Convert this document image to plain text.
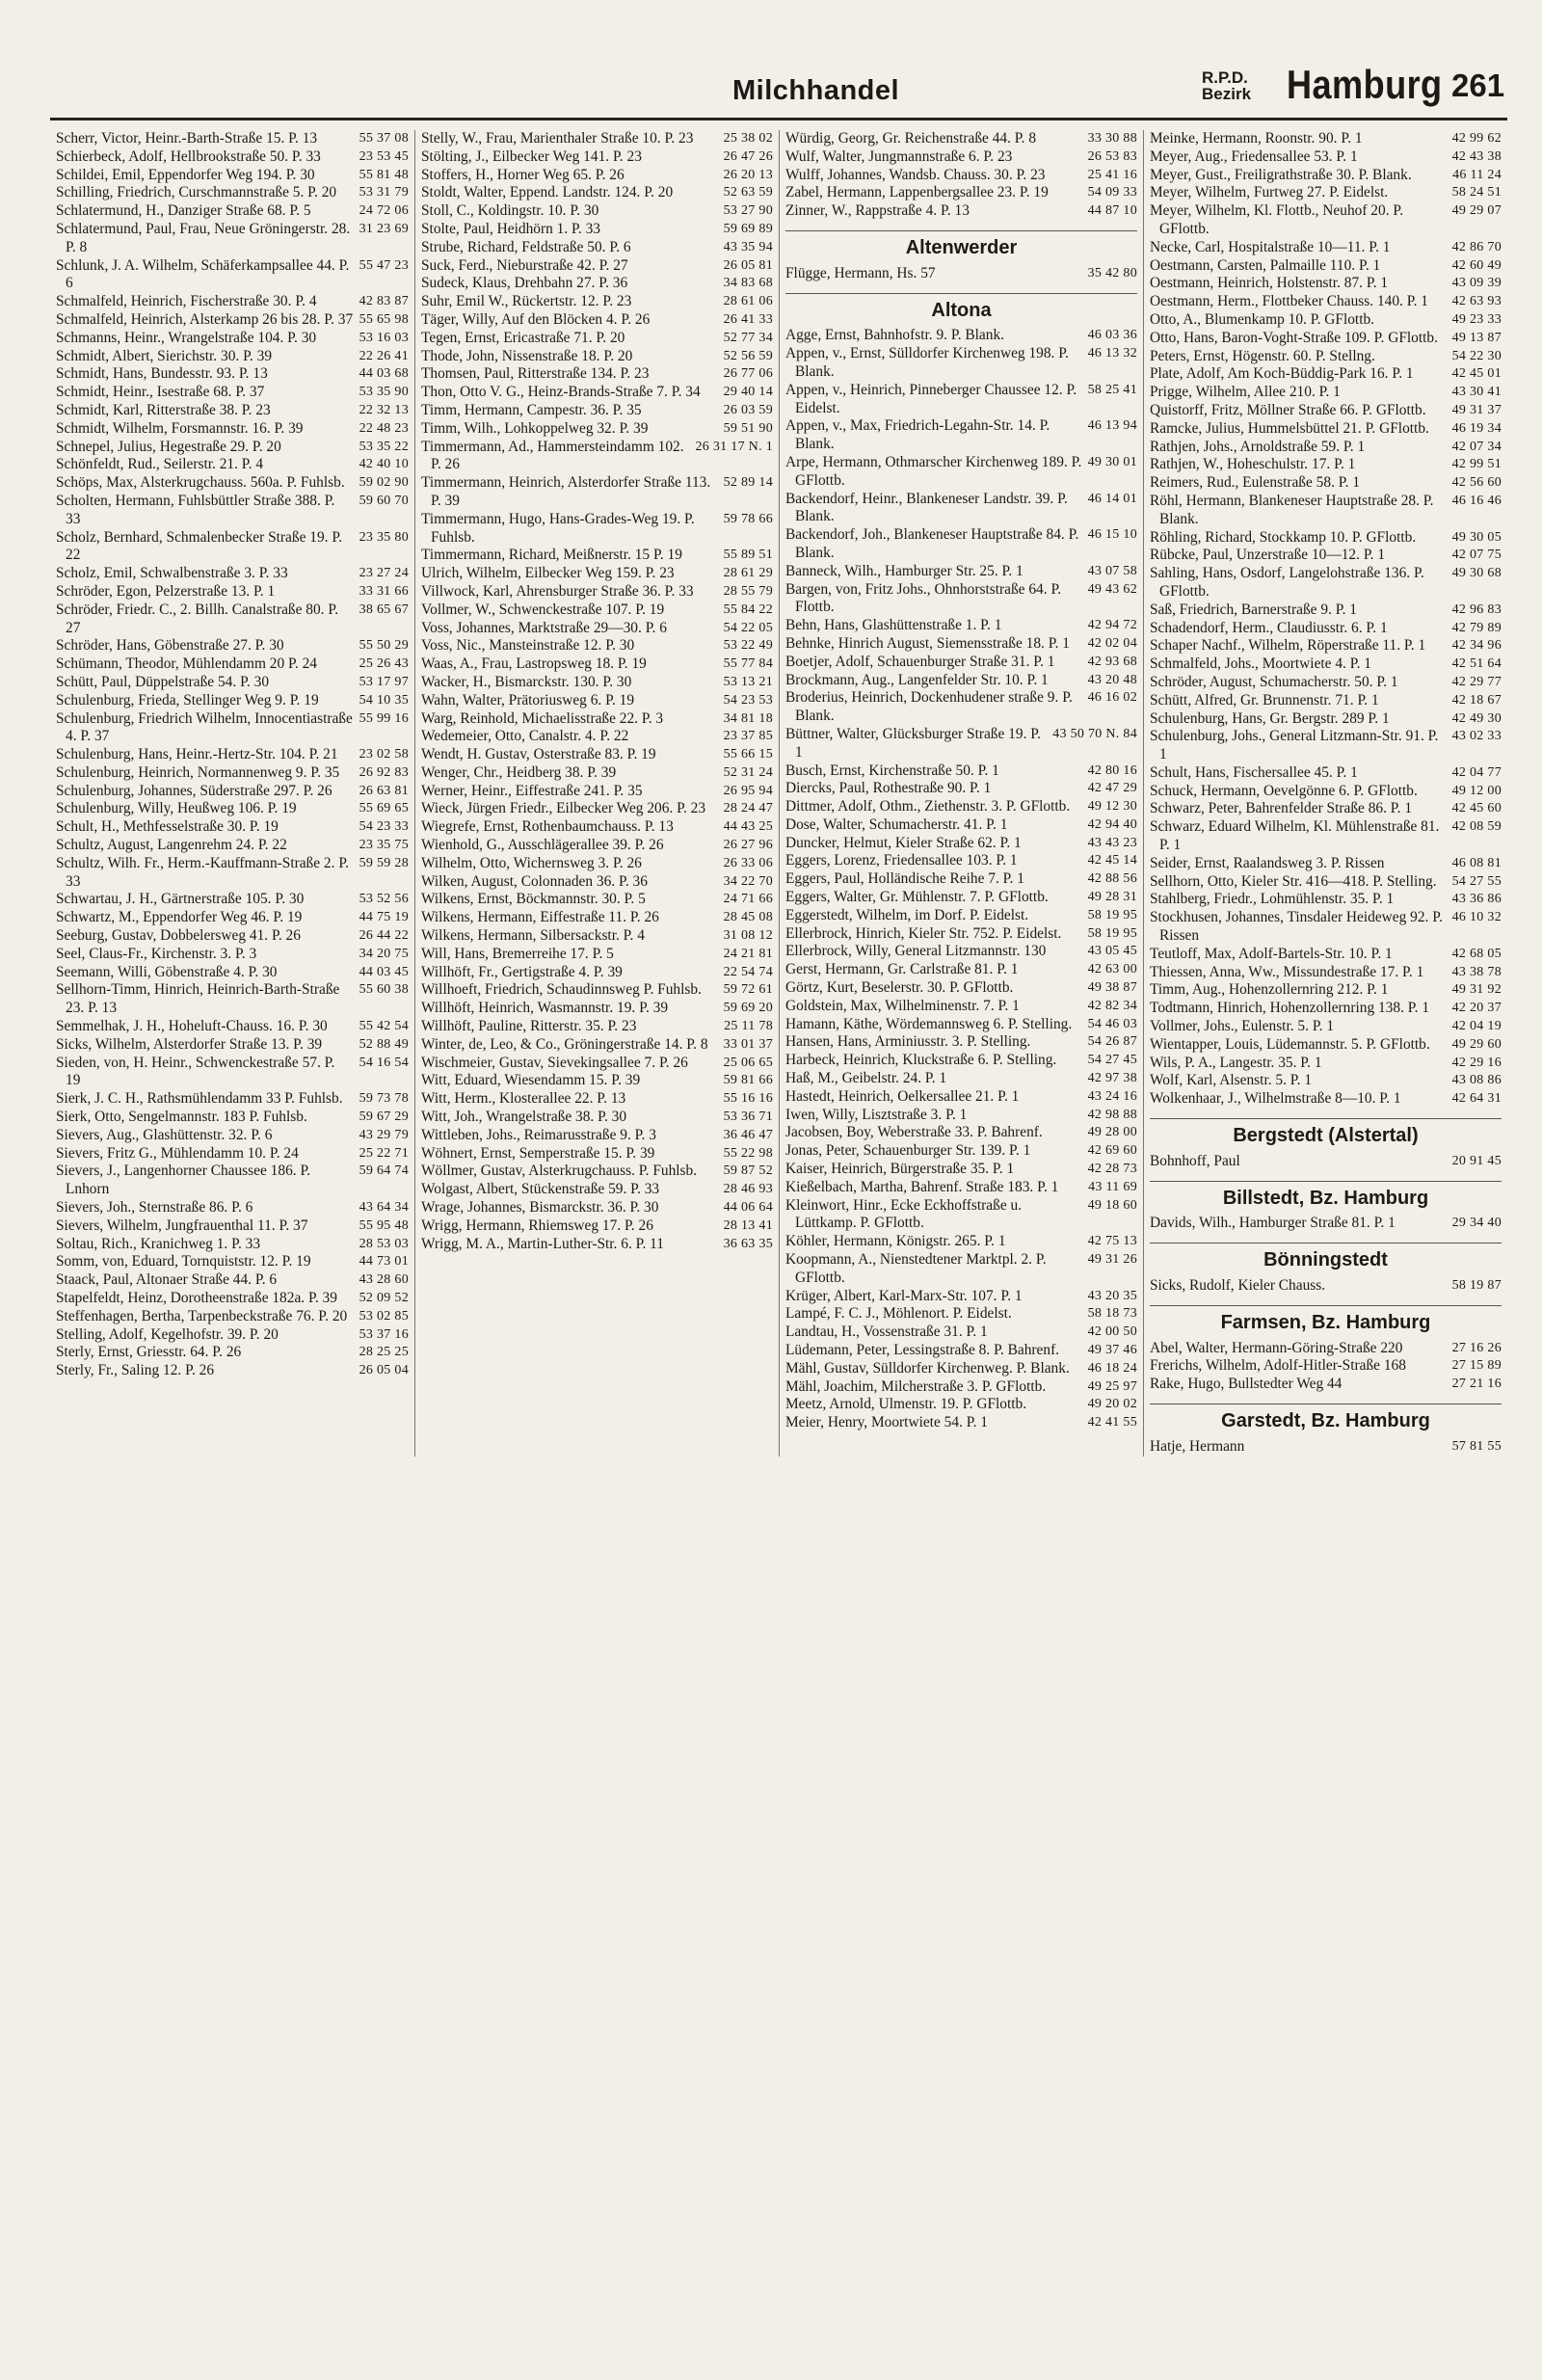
Milchhandel	R.P.D.
Bezirk Hamburg 261
55 37 08
Scherr, Victor, Heinr.-Barth-Straße 15. P. 13
23 53 45
Schierbeck, Adolf, Hellbrookstraße 50. P. 33
55 81 48
Schildei, Emil, Eppendorfer Weg 194. P. 30
53 31 79
Schilling, Friedrich, Curschmannstraße 5. P. 20
24 72 06
Schlatermund, H., Danziger Straße 68. P. 5
31 23 69
Schlatermund, Paul, Frau, Neue Gröningerstr. 28. P. 8
55 47 23
Schlunk, J. A. Wilhelm, Schäferkampsallee 44. P. 6
42 83 87
Schmalfeld, Heinrich, Fischerstraße 30. P. 4
55 65 98
Schmalfeld, Heinrich, Alsterkamp 26 bis 28. P. 37
53 16 03
Schmanns, Heinr., Wrangelstraße 104. P. 30
22 26 41
Schmidt, Albert, Sierichstr. 30. P. 39
44 03 68
Schmidt, Hans, Bundesstr. 93. P. 13
53 35 90
Schmidt, Heinr., Isestraße 68. P. 37
22 32 13
Schmidt, Karl, Ritterstraße 38. P. 23
22 48 23
Schmidt, Wilhelm, Forsmannstr. 16. P. 39
53 35 22
Schnepel, Julius, Hegestraße 29. P. 20
42 40 10
Schönfeldt, Rud., Seilerstr. 21. P. 4
59 02 90
Schöps, Max, Alsterkrugchauss. 560a. P. Fuhlsb.
59 60 70
Scholten, Hermann, Fuhlsbüttler Straße 388. P. 33
23 35 80
Scholz, Bernhard, Schmalenbecker Straße 19. P. 22
23 27 24
Scholz, Emil, Schwalbenstraße 3. P. 33
33 31 66
Schröder, Egon, Pelzerstraße 13. P. 1
38 65 67
Schröder, Friedr. C., 2. Billh. Canalstraße 80. P. 27
55 50 29
Schröder, Hans, Göbenstraße 27. P. 30
25 26 43
Schümann, Theodor, Mühlendamm 20 P. 24
53 17 97
Schütt, Paul, Düppelstraße 54. P. 30
54 10 35
Schulenburg, Frieda, Stellinger Weg 9. P. 19
55 99 16
Schulenburg, Friedrich Wilhelm, Innocentiastraße 4. P. 37
23 02 58
Schulenburg, Hans, Heinr.-Hertz-Str. 104. P. 21
26 92 83
Schulenburg, Heinrich, Normannenweg 9. P. 35
26 63 81
Schulenburg, Johannes, Süderstraße 297. P. 26
55 69 65
Schulenburg, Willy, Heußweg 106. P. 19
54 23 33
Schult, H., Methfesselstraße 30. P. 19
23 35 75
Schultz, August, Langenrehm 24. P. 22
59 59 28
Schultz, Wilh. Fr., Herm.-Kauffmann-Straße 2. P. 33
53 52 56
Schwartau, J. H., Gärtnerstraße 105. P. 30
44 75 19
Schwartz, M., Eppendorfer Weg 46. P. 19
26 44 22
Seeburg, Gustav, Dobbelersweg 41. P. 26
34 20 75
Seel, Claus-Fr., Kirchenstr. 3. P. 3
44 03 45
Seemann, Willi, Göbenstraße 4. P. 30
55 60 38
Sellhorn-Timm, Hinrich, Heinrich-Barth-Straße 23. P. 13
55 42 54
Semmelhak, J. H., Hoheluft-Chauss. 16. P. 30
52 88 49
Sicks, Wilhelm, Alsterdorfer Straße 13. P. 39
54 16 54
Sieden, von, H. Heinr., Schwenckestraße 57. P. 19
59 73 78
Sierk, J. C. H., Rathsmühlendamm 33 P. Fuhlsb.
59 67 29
Sierk, Otto, Sengelmannstr. 183 P. Fuhlsb.
43 29 79
Sievers, Aug., Glashüttenstr. 32. P. 6
25 22 71
Sievers, Fritz G., Mühlendamm 10. P. 24
59 64 74
Sievers, J., Langenhorner Chaussee 186. P. Lnhorn
43 64 34
Sievers, Joh., Sternstraße 86. P. 6
55 95 48
Sievers, Wilhelm, Jungfrauenthal 11. P. 37
28 53 03
Soltau, Rich., Kranichweg 1. P. 33
44 73 01
Somm, von, Eduard, Tornquiststr. 12. P. 19
43 28 60
Staack, Paul, Altonaer Straße 44. P. 6
52 09 52
Stapelfeldt, Heinz, Dorotheenstraße 182a. P. 39
53 02 85
Steffenhagen, Bertha, Tarpenbeckstraße 76. P. 20
53 37 16
Stelling, Adolf, Kegelhofstr. 39. P. 20
28 25 25
Sterly, Ernst, Griesstr. 64. P. 26
26 05 04
Sterly, Fr., Saling 12. P. 26
25 38 02
Stelly, W., Frau, Marienthaler Straße 10. P. 23
26 47 26
Stölting, J., Eilbecker Weg 141. P. 23
26 20 13
Stoffers, H., Horner Weg 65. P. 26
52 63 59
Stoldt, Walter, Eppend. Landstr. 124. P. 20
53 27 90
Stoll, C., Koldingstr. 10. P. 30
59 69 89
Stolte, Paul, Heidhörn 1. P. 33
43 35 94
Strube, Richard, Feldstraße 50. P. 6
26 05 81
Suck, Ferd., Nieburstraße 42. P. 27
34 83 68
Sudeck, Klaus, Drehbahn 27. P. 36
28 61 06
Suhr, Emil W., Rückertstr. 12. P. 23
26 41 33
Täger, Willy, Auf den Blöcken 4. P. 26
52 77 34
Tegen, Ernst, Ericastraße 71. P. 20
52 56 59
Thode, John, Nissenstraße 18. P. 20
26 77 06
Thomsen, Paul, Ritterstraße 134. P. 23
29 40 14
Thon, Otto V. G., Heinz-Brands-Straße 7. P. 34
26 03 59
Timm, Hermann, Campestr. 36. P. 35
59 51 90
Timm, Wilh., Lohkoppelweg 32. P. 39
26 31 17 N. 1
Timmermann, Ad., Hammersteindamm 102. P. 26
52 89 14
Timmermann, Heinrich, Alsterdorfer Straße 113. P. 39
59 78 66
Timmermann, Hugo, Hans-Grades-Weg 19. P. Fuhlsb.
55 89 51
Timmermann, Richard, Meißnerstr. 15 P. 19
28 61 29
Ulrich, Wilhelm, Eilbecker Weg 159. P. 23
28 55 79
Villwock, Karl, Ahrensburger Straße 36. P. 33
55 84 22
Vollmer, W., Schwenckestraße 107. P. 19
54 22 05
Voss, Johannes, Marktstraße 29—30. P. 6
53 22 49
Voss, Nic., Mansteinstraße 12. P. 30
55 77 84
Waas, A., Frau, Lastropsweg 18. P. 19
53 13 21
Wacker, H., Bismarckstr. 130. P. 30
54 23 53
Wahn, Walter, Prätoriusweg 6. P. 19
34 81 18
Warg, Reinhold, Michaelisstraße 22. P. 3
23 37 85
Wedemeier, Otto, Canalstr. 4. P. 22
55 66 15
Wendt, H. Gustav, Osterstraße 83. P. 19
52 31 24
Wenger, Chr., Heidberg 38. P. 39
26 95 94
Werner, Heinr., Eiffestraße 241. P. 35
28 24 47
Wieck, Jürgen Friedr., Eilbecker Weg 206. P. 23
44 43 25
Wiegrefe, Ernst, Rothenbaumchauss. P. 13
26 27 96
Wienhold, G., Ausschlägerallee 39. P. 26
26 33 06
Wilhelm, Otto, Wichernsweg 3. P. 26
34 22 70
Wilken, August, Colonnaden 36. P. 36
24 71 66
Wilkens, Ernst, Böckmannstr. 30. P. 5
28 45 08
Wilkens, Hermann, Eiffestraße 11. P. 26
31 08 12
Wilkens, Hermann, Silbersackstr. P. 4
24 21 81
Will, Hans, Bremerreihe 17. P. 5
22 54 74
Willhöft, Fr., Gertigstraße 4. P. 39
59 72 61
Willhoeft, Friedrich, Schaudinnsweg P. Fuhlsb.
59 69 20
Willhöft, Heinrich, Wasmannstr. 19. P. 39
25 11 78
Willhöft, Pauline, Ritterstr. 35. P. 23
33 01 37
Winter, de, Leo, & Co., Gröningerstraße 14. P. 8
25 06 65
Wischmeier, Gustav, Sievekingsallee 7. P. 26
59 81 66
Witt, Eduard, Wiesendamm 15. P. 39
55 16 16
Witt, Herm., Klosterallee 22. P. 13
53 36 71
Witt, Joh., Wrangelstraße 38. P. 30
36 46 47
Wittleben, Johs., Reimarusstraße 9. P. 3
55 22 98
Wöhnert, Ernst, Semperstraße 15. P. 39
59 87 52
Wöllmer, Gustav, Alsterkrugchauss. P. Fuhlsb.
28 46 93
Wolgast, Albert, Stückenstraße 59. P. 33
44 06 64
Wrage, Johannes, Bismarckstr. 36. P. 30
28 13 41
Wrigg, Hermann, Rhiemsweg 17. P. 26
36 63 35
Wrigg, M. A., Martin-Luther-Str. 6. P. 11
33 30 88
Würdig, Georg, Gr. Reichenstraße 44. P. 8
26 53 83
Wulf, Walter, Jungmannstraße 6. P. 23
25 41 16
Wulff, Johannes, Wandsb. Chauss. 30. P. 23
54 09 33
Zabel, Hermann, Lappenbergsallee 23. P. 19
44 87 10
Zinner, W., Rappstraße 4. P. 13
Altenwerder
35 42 80
Flügge, Hermann, Hs. 57
Altona
46 03 36
Agge, Ernst, Bahnhofstr. 9. P. Blank.
46 13 32
Appen, v., Ernst, Sülldorfer Kirchenweg 198. P. Blank.
58 25 41
Appen, v., Heinrich, Pinneberger Chaussee 12. P. Eidelst.
46 13 94
Appen, v., Max, Friedrich-Legahn-Str. 14. P. Blank.
49 30 01
Arpe, Hermann, Othmarscher Kirchenweg 189. P. GFlottb.
46 14 01
Backendorf, Heinr., Blankeneser Landstr. 39. P. Blank.
46 15 10
Backendorf, Joh., Blankeneser Hauptstraße 84. P. Blank.
43 07 58
Banneck, Wilh., Hamburger Str. 25. P. 1
49 43 62
Bargen, von, Fritz Johs., Ohnhorststraße 64. P. Flottb.
42 94 72
Behn, Hans, Glashüttenstraße 1. P. 1
42 02 04
Behnke, Hinrich August, Siemensstraße 18. P. 1
42 93 68
Boetjer, Adolf, Schauenburger Straße 31. P. 1
43 20 48
Brockmann, Aug., Langenfelder Str. 10. P. 1
46 16 02
Broderius, Heinrich, Dockenhudener straße 9. P. Blank.
43 50 70 N. 84
Büttner, Walter, Glücksburger Straße 19. P. 1
42 80 16
Busch, Ernst, Kirchenstraße 50. P. 1
42 47 29
Diercks, Paul, Rothestraße 90. P. 1
49 12 30
Dittmer, Adolf, Othm., Ziethenstr. 3. P. GFlottb.
42 94 40
Dose, Walter, Schumacherstr. 41. P. 1
43 43 23
Duncker, Helmut, Kieler Straße 62. P. 1
42 45 14
Eggers, Lorenz, Friedensallee 103. P. 1
42 88 56
Eggers, Paul, Holländische Reihe 7. P. 1
49 28 31
Eggers, Walter, Gr. Mühlenstr. 7. P. GFlottb.
58 19 95
Eggerstedt, Wilhelm, im Dorf. P. Eidelst.
58 19 95
Ellerbrock, Hinrich, Kieler Str. 752. P. Eidelst.
43 05 45
Ellerbrock, Willy, General Litzmannstr. 130
42 63 00
Gerst, Hermann, Gr. Carlstraße 81. P. 1
49 38 87
Görtz, Kurt, Beselerstr. 30. P. GFlottb.
42 82 34
Goldstein, Max, Wilhelminenstr. 7. P. 1
54 46 03
Hamann, Käthe, Wördemannsweg 6. P. Stelling.
54 26 87
Hansen, Hans, Arminiusstr. 3. P. Stelling.
54 27 45
Harbeck, Heinrich, Kluckstraße 6. P. Stelling.
42 97 38
Haß, M., Geibelstr. 24. P. 1
43 24 16
Hastedt, Heinrich, Oelkersallee 21. P. 1
42 98 88
Iwen, Willy, Lisztstraße 3. P. 1
49 28 00
Jacobsen, Boy, Weberstraße 33. P. Bahrenf.
42 69 60
Jonas, Peter, Schauenburger Str. 139. P. 1
42 28 73
Kaiser, Heinrich, Bürgerstraße 35. P. 1
43 11 69
Kießelbach, Martha, Bahrenf. Straße 183. P. 1
49 18 60
Kleinwort, Hinr., Ecke Eckhoffstraße u. Lüttkamp. P. GFlottb.
42 75 13
Köhler, Hermann, Königstr. 265. P. 1
49 31 26
Koopmann, A., Nienstedtener Marktpl. 2. P. GFlottb.
43 20 35
Krüger, Albert, Karl-Marx-Str. 107. P. 1
58 18 73
Lampé, F. C. J., Möhlenort. P. Eidelst.
42 00 50
Landtau, H., Vossenstraße 31. P. 1
49 37 46
Lüdemann, Peter, Lessingstraße 8. P. Bahrenf.
46 18 24
Mähl, Gustav, Sülldorfer Kirchenweg. P. Blank.
49 25 97
Mähl, Joachim, Milcherstraße 3. P. GFlottb.
49 20 02
Meetz, Arnold, Ulmenstr. 19. P. GFlottb.
42 41 55
Meier, Henry, Moortwiete 54. P. 1
42 99 62
Meinke, Hermann, Roonstr. 90. P. 1
42 43 38
Meyer, Aug., Friedensallee 53. P. 1
46 11 24
Meyer, Gust., Freiligrathstraße 30. P. Blank.
58 24 51
Meyer, Wilhelm, Furtweg 27. P. Eidelst.
49 29 07
Meyer, Wilhelm, Kl. Flottb., Neuhof 20. P. GFlottb.
42 86 70
Necke, Carl, Hospitalstraße 10—11. P. 1
42 60 49
Oestmann, Carsten, Palmaille 110. P. 1
43 09 39
Oestmann, Heinrich, Holstenstr. 87. P. 1
42 63 93
Oestmann, Herm., Flottbeker Chauss. 140. P. 1
49 23 33
Otto, A., Blumenkamp 10. P. GFlottb.
49 13 87
Otto, Hans, Baron-Voght-Straße 109. P. GFlottb.
54 22 30
Peters, Ernst, Högenstr. 60. P. Stellng.
42 45 01
Plate, Adolf, Am Koch-Büddig-Park 16. P. 1
43 30 41
Prigge, Wilhelm, Allee 210. P. 1
49 31 37
Quistorff, Fritz, Möllner Straße 66. P. GFlottb.
46 19 34
Ramcke, Julius, Hummelsbüttel 21. P. GFlottb.
42 07 34
Rathjen, Johs., Arnoldstraße 59. P. 1
42 99 51
Rathjen, W., Hoheschulstr. 17. P. 1
42 56 60
Reimers, Rud., Eulenstraße 58. P. 1
46 16 46
Röhl, Hermann, Blankeneser Hauptstraße 28. P. Blank.
49 30 05
Röhling, Richard, Stockkamp 10. P. GFlottb.
42 07 75
Rübcke, Paul, Unzerstraße 10—12. P. 1
49 30 68
Sahling, Hans, Osdorf, Langelohstraße 136. P. GFlottb.
42 96 83
Saß, Friedrich, Barnerstraße 9. P. 1
42 79 89
Schadendorf, Herm., Claudiusstr. 6. P. 1
42 34 96
Schaper Nachf., Wilhelm, Röperstraße 11. P. 1
42 51 64
Schmalfeld, Johs., Moortwiete 4. P. 1
42 29 77
Schröder, August, Schumacherstr. 50. P. 1
42 18 67
Schütt, Alfred, Gr. Brunnenstr. 71. P. 1
42 49 30
Schulenburg, Hans, Gr. Bergstr. 289 P. 1
43 02 33
Schulenburg, Johs., General Litzmann-Str. 91. P. 1
42 04 77
Schult, Hans, Fischersallee 45. P. 1
49 12 00
Schuck, Hermann, Oevelgönne 6. P. GFlottb.
42 45 60
Schwarz, Peter, Bahrenfelder Straße 86. P. 1
42 08 59
Schwarz, Eduard Wilhelm, Kl. Mühlenstraße 81. P. 1
46 08 81
Seider, Ernst, Raalandsweg 3. P. Rissen
54 27 55
Sellhorn, Otto, Kieler Str. 416—418. P. Stelling.
43 36 86
Stahlberg, Friedr., Lohmühlenstr. 35. P. 1
46 10 32
Stockhusen, Johannes, Tinsdaler Heideweg 92. P. Rissen
42 68 05
Teutloff, Max, Adolf-Bartels-Str. 10. P. 1
43 38 78
Thiessen, Anna, Ww., Missundestraße 17. P. 1
49 31 92
Timm, Aug., Hohenzollernring 212. P. 1
42 20 37
Todtmann, Hinrich, Hohenzollernring 138. P. 1
42 04 19
Vollmer, Johs., Eulenstr. 5. P. 1
49 29 60
Wientapper, Louis, Lüdemannstr. 5. P. GFlottb.
42 29 16
Wils, P. A., Langestr. 35. P. 1
43 08 86
Wolf, Karl, Alsenstr. 5. P. 1
42 64 31
Wolkenhaar, J., Wilhelmstraße 8—10. P. 1
Bergstedt (Alstertal)
20 91 45
Bohnhoff, Paul
Billstedt, Bz. Hamburg
29 34 40
Davids, Wilh., Hamburger Straße 81. P. 1
Bönningstedt
58 19 87
Sicks, Rudolf, Kieler Chauss.
Farmsen, Bz. Hamburg
27 16 26
Abel, Walter, Hermann-Göring-Straße 220
27 15 89
Frerichs, Wilhelm, Adolf-Hitler-Straße 168
27 21 16
Rake, Hugo, Bullstedter Weg 44
Garstedt, Bz. Hamburg
57 81 55
Hatje, Hermann
